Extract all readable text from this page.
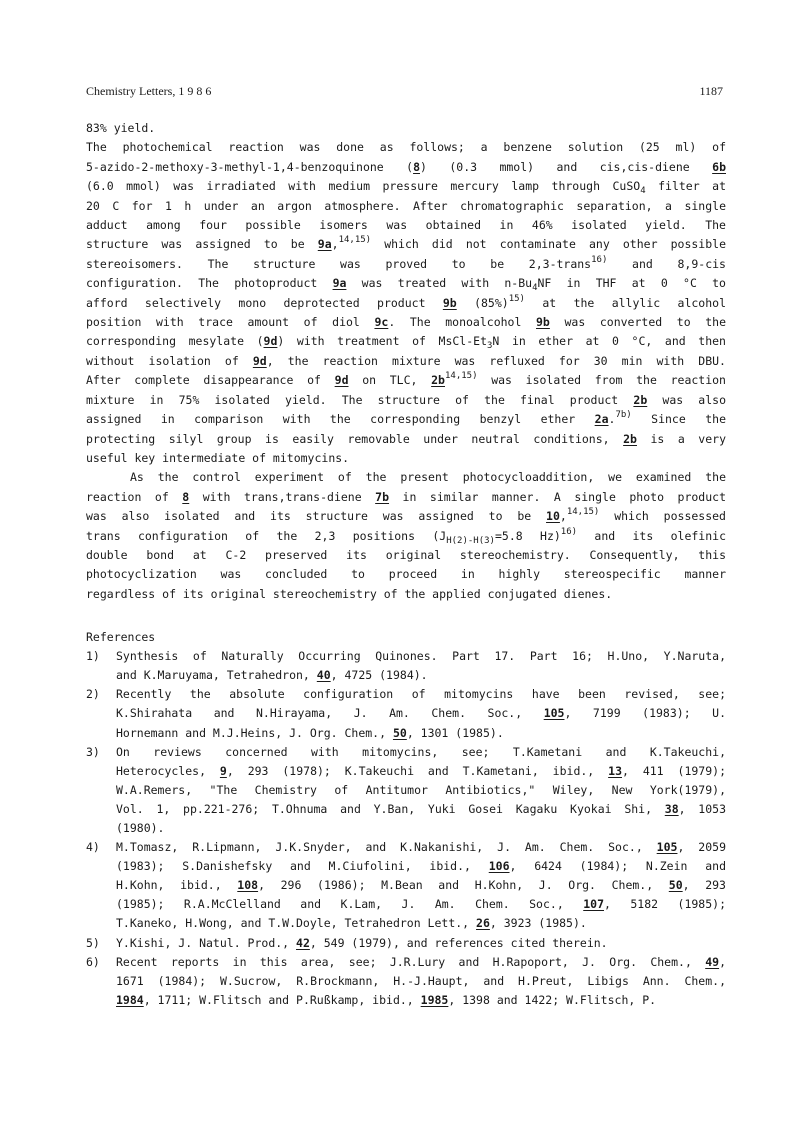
Chemistry Letters, 1 9 8 6	1187
83% yield.
The photochemical reaction was done as follows; a benzene solution (25 ml) of
5-azido-2-methoxy-3-methyl-1,4-benzoquinone (8) (0.3 mmol) and cis,cis-diene 6b
(6.0 mmol) was irradiated with medium pressure mercury lamp through CuSO$_4$ filter at
20 C for 1 h under an argon atmosphere. After chromatographic separation, a single
adduct among four possible isomers was obtained in 46% isolated yield. The
structure was assigned to be 9a,$^{14,15)}$ which did not contaminate any other possible
stereoisomers. The structure was proved to be 2,3-trans$^{16)}$ and 8,9-cis
configuration. The photoproduct 9a was treated with $n-Bu_4NF$ in THF at 0 °C to
afford selectively mono deprotected product 9b $(85\%)^{15)}$ at the allylic alcohol
position with trace amount of diol 9c. The monoalcohol 9b was converted to the
corresponding mesylate (9d) with treatment of MsCl-$Et_3N$ in ether at 0 °C, and then
without isolation of 9d, the reaction mixture was refluxed for 30 min with DBU.
After complete disappearance of 9d on TLC, $2b^{14,15)}$ was isolated from the reaction
mixture in 75% isolated yield. The structure of the final product 2b was also
assigned in comparison with the corresponding benzyl ether 2a.$^{7b)}$ Since the
protecting silyl group is easily removable under neutral conditions, 2b is a very
useful key intermediate of mitomycins.
As the control experiment of the present photocycloaddition, we examined the
reaction of 8 with trans,trans-diene 7b in similar manner. A single photo product
was also isolated and its structure was assigned to be 10,$^{14,15)}$ which possessed
trans configuration of the 2,3 positions ($J_{H(2)-H(3)}=5.8$ Hz)$^{16)}$ and its olefinic
double bond at C-2 preserved its original stereochemistry. Consequently, this
photocyclization was concluded to proceed in highly stereospecific manner
regardless of its original stereochemistry of the applied conjugated dienes.
References
1) Synthesis of Naturally Occurring Quinones. Part 17. Part 16; H.Uno, Y.Naruta,
and K.Maruyama, Tetrahedron, 40, 4725 (1984).
2) Recently the absolute configuration of mitomycins have been revised, see;
K.Shirahata and N.Hirayama, J. Am. Chem. Soc., 105, 7199 (1983); U.
Hornemann and M.J.Heins, J. Org. Chem., 50, 1301 (1985).
3) On reviews concerned with mitomycins, see; T.Kametani and K.Takeuchi,
Heterocycles, 9, 293 (1978); K.Takeuchi and T.Kametani, ibid., 13, 411 (1979);
W.A.Remers, "The Chemistry of Antitumor Antibiotics," Wiley, New York(1979),
Vol. 1, pp.221-276; T.Ohnuma and Y.Ban, Yuki Gosei Kagaku Kyokai Shi, 38, 1053
(1980).
4) M.Tomasz, R.Lipmann, J.K.Snyder, and K.Nakanishi, J. Am. Chem. Soc., 105, 2059
(1983); S.Danishefsky and M.Ciufolini, ibid., 106, 6424 (1984); N.Zein and
H.Kohn, ibid., 108, 296 (1986); M.Bean and H.Kohn, J. Org. Chem., 50, 293
(1985); R.A.McClelland and K.Lam, J. Am. Chem. Soc., 107, 5182 (1985);
T.Kaneko, H.Wong, and T.W.Doyle, Tetrahedron Lett., 26, 3923 (1985).
5) Y.Kishi, J. Natul. Prod., 42, 549 (1979), and references cited therein.
6) Recent reports in this area, see; J.R.Lury and H.Rapoport, J. Org. Chem., 49,
1671 (1984); W.Sucrow, R.Brockmann, H.-J.Haupt, and H.Preut, Libigs Ann. Chem.,
1984, 1711; W.Flitsch and P.Rußkamp, ibid., 1985, 1398 and 1422; W.Flitsch, P.
